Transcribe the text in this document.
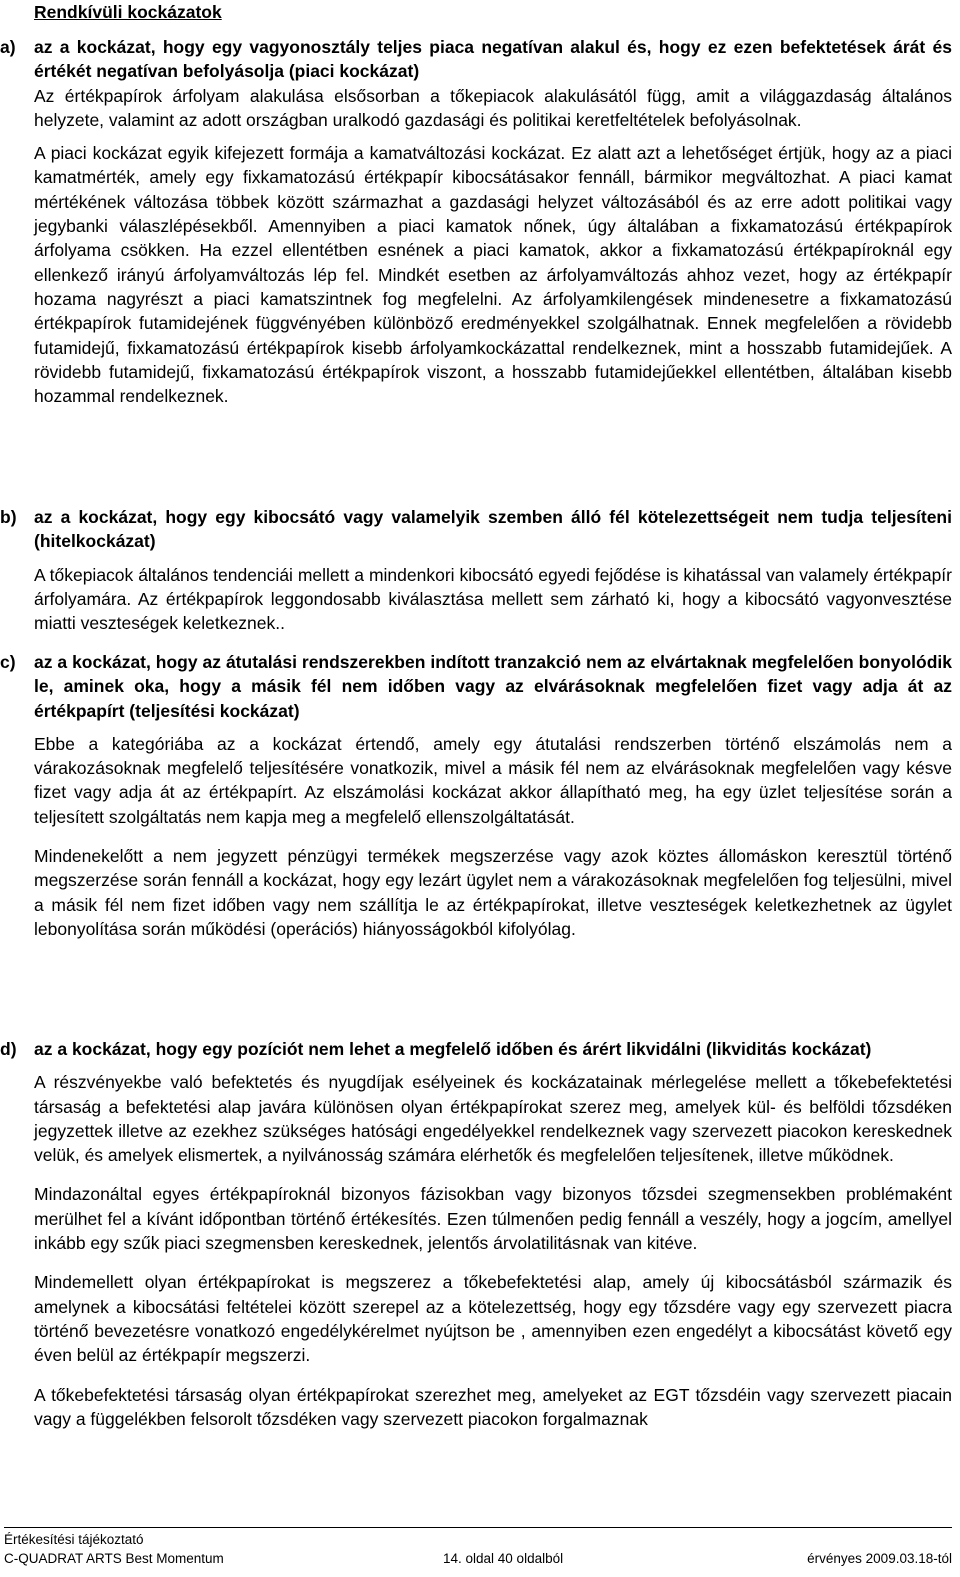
Rendkívüli kockázatok
a)	az a kockázat, hogy egy vagyonosztály teljes piaca negatívan alakul és, hogy ez ezen befektetések árát és értékét negatívan befolyásolja (piaci kockázat)

Az értékpapírok árfolyam alakulása elsősorban a tőkepiacok alakulásától függ, amit a világgazdaság általános helyzete, valamint az adott országban uralkodó gazdasági és politikai keretfeltételek befolyásolnak.

A piaci kockázat egyik kifejezett formája a kamatváltozási kockázat. Ez alatt azt a lehetőséget értjük, hogy az a piaci kamatmérték, amely egy fixkamatozású értékpapír kibocsátásakor fennáll, bármikor megváltozhat. A piaci kamat mértékének változása többek között származhat a gazdasági helyzet változásából és az erre adott politikai vagy jegybanki válaszlépésekből. Amennyiben a piaci kamatok nőnek, úgy általában a fixkamatozású értékpapírok árfolyama csökken. Ha ezzel ellentétben esnének a piaci kamatok, akkor a fixkamatozású értékpapíroknál egy ellenkező irányú árfolyamváltozás lép fel. Mindkét esetben az árfolyamváltozás ahhoz vezet, hogy az értékpapír hozama nagyrészt a piaci kamatszintnek fog megfelelni. Az árfolyamkilengések mindenesetre a fixkamatozású értékpapírok futamidejének függvényében különböző eredményekkel szolgálhatnak. Ennek megfelelően a rövidebb futamidejű, fixkamatozású értékpapírok kisebb árfolyamkockázattal rendelkeznek, mint a hosszabb futamidejűek. A rövidebb futamidejű, fixkamatozású értékpapírok viszont, a hosszabb futamidejűekkel ellentétben, általában kisebb hozammal rendelkeznek.

b) az a kockázat, hogy egy kibocsátó vagy valamelyik szemben álló fél kötelezettségeit nem tudja teljesíteni (hitelkockázat)

A tőkepiacok általános tendenciái mellett a mindenkori kibocsátó egyedi fejődése is kihatással van valamely értékpapír árfolyamára. Az értékpapírok leggondosabb kiválasztása mellett sem zárható ki, hogy a kibocsátó vagyonvesztése miatti veszteségek keletkeznek..

c)	az a kockázat, hogy az átutalási rendszerekben indított tranzakció nem az elvártaknak megfelelően bonyolódik le, aminek oka, hogy a másik fél nem időben vagy az elvárásoknak megfelelően fizet vagy adja át az értékpapírt (teljesítési kockázat)

Ebbe a kategóriába az a kockázat értendő, amely egy átutalási rendszerben történő elszámolás nem a várakozásoknak megfelelő teljesítésére vonatkozik, mivel a másik fél nem az elvárásoknak megfelelően vagy késve fizet vagy adja át az értékpapírt. Az elszámolási kockázat akkor állapítható meg, ha egy üzlet teljesítése során a teljesített szolgáltatás nem kapja meg a megfelelő ellenszolgáltatását.

Mindenekelőtt a nem jegyzett pénzügyi termékek megszerzése vagy azok köztes állomáskon keresztül történő megszerzése során fennáll a kockázat, hogy egy lezárt ügylet nem a várakozásoknak megfelelően fog teljesülni, mivel a másik fél nem fizet időben vagy nem szállítja le az értékpapírokat, illetve veszteségek keletkezhetnek az ügylet lebonyolítása során működési (operációs) hiányosságokból kifolyólag.

d) az a kockázat, hogy egy pozíciót nem lehet a megfelelő időben és árért likvidálni (likviditás kockázat)

A részvényekbe való befektetés és nyugdíjak esélyeinek és kockázatainak mérlegelése mellett a tőkebefektetési társaság a befektetési alap javára különösen olyan értékpapírokat szerez meg, amelyek kül- és belföldi tőzsdéken jegyzettek illetve az ezekhez szükséges hatósági engedélyekkel rendelkeznek vagy szervezett piacokon kereskednek velük, és amelyek elismertek, a nyilvánosság számára elérhetők és megfelelően teljesítenek, illetve működnek.

Mindazonáltal egyes értékpapíroknál bizonyos fázisokban vagy bizonyos tőzsdei szegmensekben problémaként merülhet fel a kívánt időpontban történő értékesítés. Ezen túlmenően pedig fennáll a veszély, hogy a jogcím, amellyel inkább egy szűk piaci szegmensben kereskednek, jelentős árvolatilitásnak van kitéve.

Mindemellett olyan értékpapírokat is megszerez a tőkebefektetési alap, amely új kibocsátásból származik és amelynek a kibocsátási feltételei között szerepel az a kötelezettség, hogy egy tőzsdére vagy egy szervezett piacra történő bevezetésre vonatkozó engedélykérelmet nyújtson be , amennyiben ezen engedélyt a kibocsátást követő egy éven belül az értékpapír megszerzi.

A tőkebefektetési társaság olyan értékpapírokat szerezhet meg, amelyeket az EGT tőzsdéin vagy szervezett piacain vagy a függelékben felsorolt tőzsdéken vagy szervezett piacokon forgalmaznak

Értékesítési tájékoztató
C-QUADRAT ARTS Best Momentum	14. oldal 40 oldalból	érvényes 2009.03.18-tól
